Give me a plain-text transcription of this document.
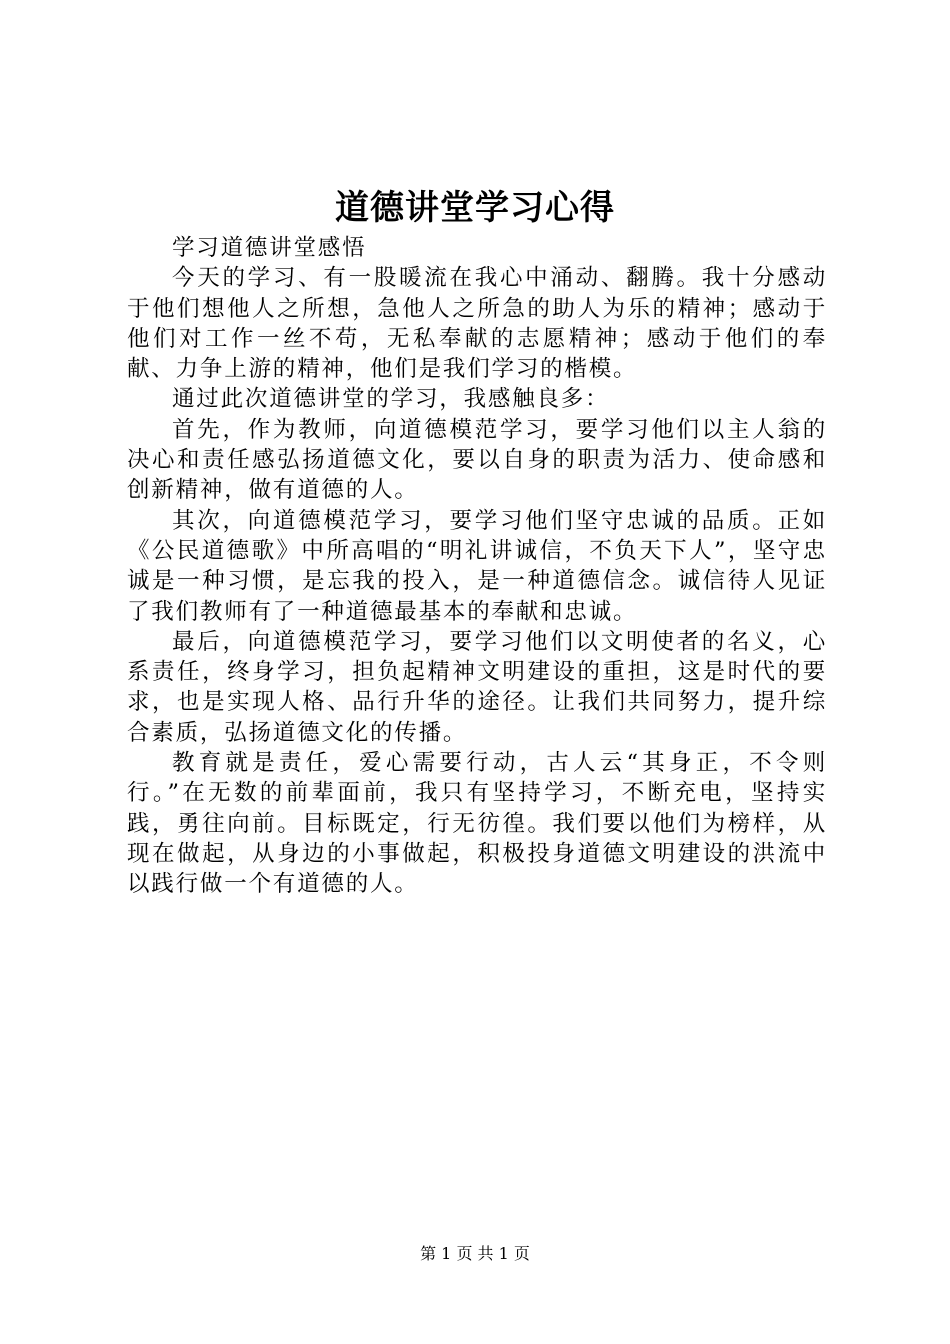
道德讲堂学习心得

学习道德讲堂感悟

今天的学习、有一股暖流在我心中涌动、翻腾。我十分感动于他们想他人之所想，急他人之所急的助人为乐的精神；感动于他们对工作一丝不苟，无私奉献的志愿精神；感动于他们的奉献、力争上游的精神，他们是我们学习的楷模。

通过此次道德讲堂的学习，我感触良多：

首先，作为教师，向道德模范学习，要学习他们以主人翁的决心和责任感弘扬道德文化，要以自身的职责为活力、使命感和创新精神，做有道德的人。

其次，向道德模范学习，要学习他们坚守忠诚的品质。正如《公民道德歌》中所高唱的“明礼讲诚信，不负天下人”，坚守忠诚是一种习惯，是忘我的投入，是一种道德信念。诚信待人见证了我们教师有了一种道德最基本的奉献和忠诚。

最后，向道德模范学习，要学习他们以文明使者的名义，心系责任，终身学习，担负起精神文明建设的重担，这是时代的要求，也是实现人格、品行升华的途径。让我们共同努力，提升综合素质，弘扬道德文化的传播。

教育就是责任，爱心需要行动，古人云“其身正，不令则行。”在无数的前辈面前，我只有坚持学习，不断充电，坚持实践，勇往向前。目标既定，行无彷徨。我们要以他们为榜样，从现在做起，从身边的小事做起，积极投身道德文明建设的洪流中以践行做一个有道德的人。

第 1 页 共 1 页
